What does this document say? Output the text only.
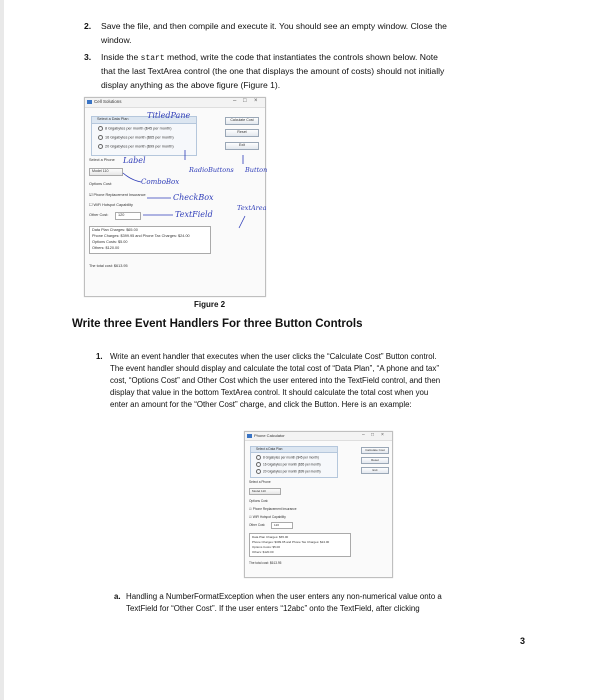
2. Save the file, and then compile and execute it. You should see an empty window. Close the
window.
3. Inside the start method, write the code that instantiates the controls shown below. Note
that the last TextArea control (the one that displays the amount of costs) should not initially
display anything as the above figure (Figure 1).
Cell Solutions	– □ ×
Select a Data Plan
8 Gigabytes per month ($45 per month)
16 Gigabytes per month ($65 per month)
20 Gigabytes per month ($99 per month)
Calculate Cost
Reset
Exit
Select a Phone
Model 110
Options Cost:
☑ Phone Replacement Insurance
☐ WiFi Hotspot Capability
Other Cost:	120
Data Plan Charges: $65.00
Phone Charges: $399.95 and Phone Tax Charges: $24.00
Options Costs: $5.00
Others: $120.00
The total cost: $613.95
TitledPane
Label
RadioButtons Button
ComboBox
CheckBox
TextField
TextArea
Figure 2
Write three Event Handlers For three Button Controls
1. Write an event handler that executes when the user clicks the “Calculate Cost” Button control.
The event handler should display and calculate the total cost of “Data Plan”, “A phone and tax”
cost, “Options Cost” and Other Cost which the user entered into the TextField control, and then
display that value in the bottom TextArea control. It should calculate the total cost when you
enter an amount for the “Other Cost” charge, and click the Button. Here is an example:
Phone Calculator	– □ ×
Select a Data Plan
8 Gigabytes per month ($45 per month)
16 Gigabytes per month ($65 per month)
20 Gigabytes per month ($99 per month)
Calculate Cost
Reset
Exit
Select a Phone
Model 110
Options Cost:
☑ Phone Replacement Insurance
☑ WiFi Hotspot Capability
Other Cost:	120
Data Plan Charges: $65.00
Phone Charges: $399.95 and Phone Tax Charges: $24.00
Options Costs: $5.00
Others: $120.00
The total cost: $613.95
a. Handling a NumberFormatException when the user enters any non-numerical value onto a
TextField for “Other Cost”. If the user enters “12abc” onto the TextField, after clicking
3
